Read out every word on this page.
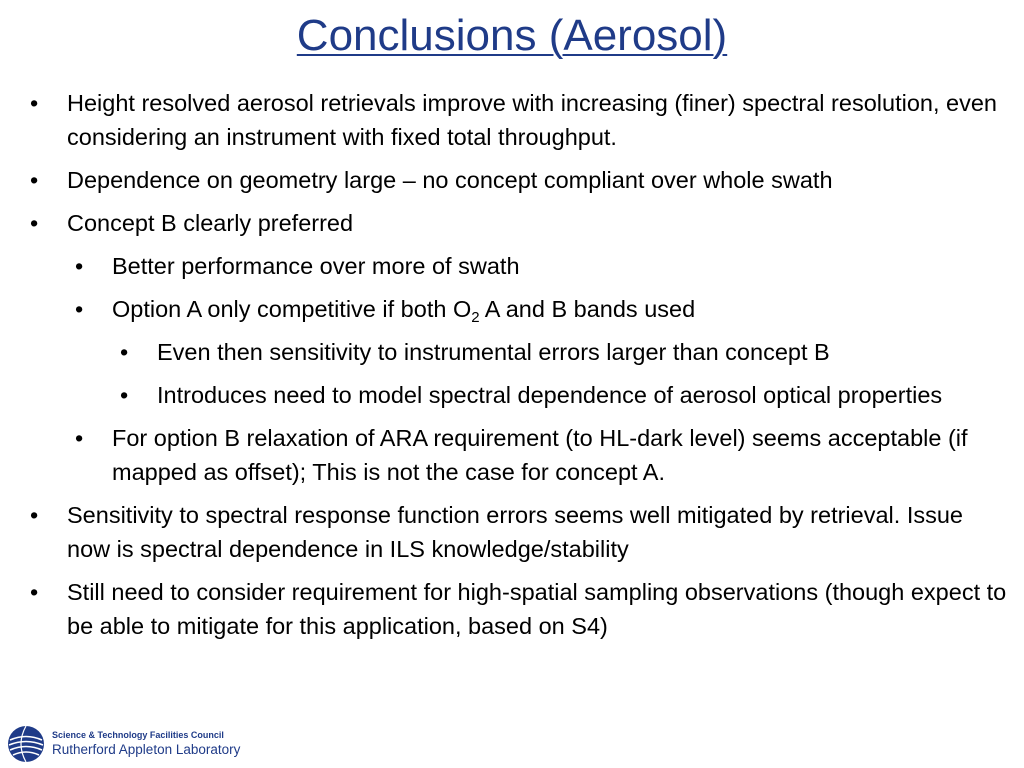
Conclusions (Aerosol)
• Height resolved aerosol retrievals improve with increasing (finer) spectral resolution, even considering an instrument with fixed total throughput.
• Dependence on geometry large – no concept compliant over whole swath
• Concept B clearly preferred
• Better performance over more of swath
• Option A only competitive if both $O_2$ A and B bands used
• Even then sensitivity to instrumental errors larger than concept B
• Introduces need to model spectral dependence of aerosol optical properties
• For option B relaxation of ARA requirement (to HL-dark level) seems acceptable (if mapped as offset); This is not the case for concept A.
• Sensitivity to spectral response function errors seems well mitigated by retrieval. Issue now is spectral dependence in ILS knowledge/stability
• Still need to consider requirement for high-spatial sampling observations (though expect to be able to mitigate for this application, based on S4)
Science & Technology Facilities Council
Rutherford Appleton Laboratory
